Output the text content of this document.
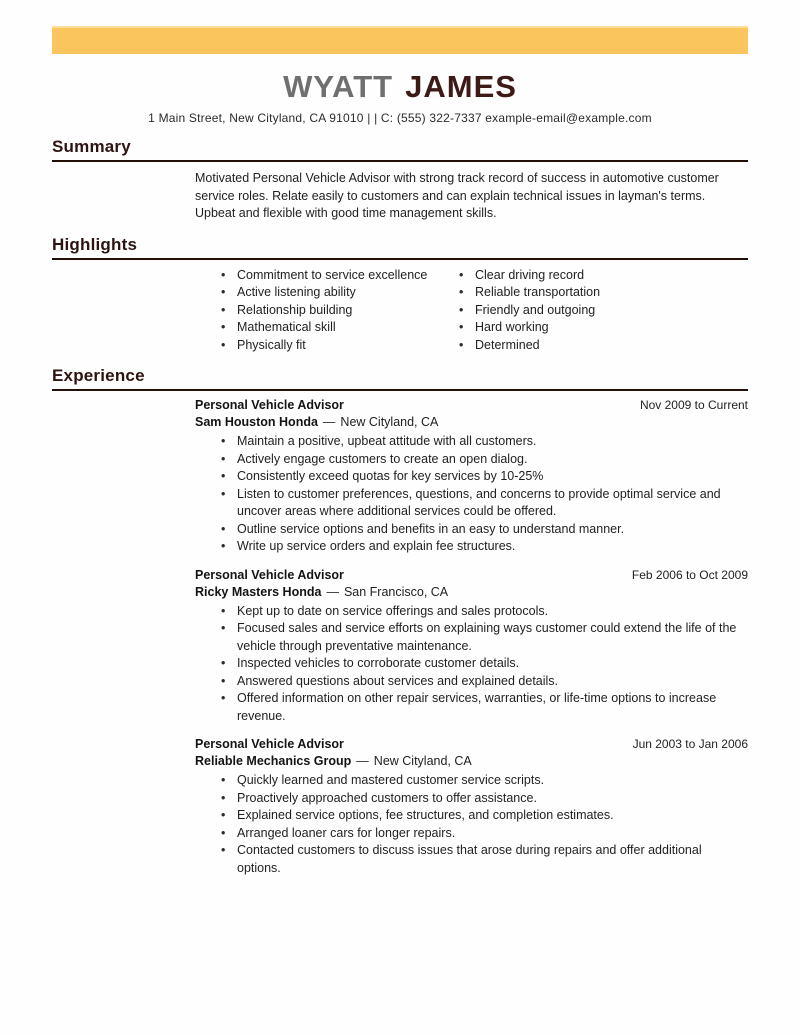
WYATT JAMES
1 Main Street, New Cityland, CA 91010 | | C: (555) 322-7337 example-email@example.com
Summary

Motivated Personal Vehicle Advisor with strong track record of success in automotive customer service roles. Relate easily to customers and can explain technical issues in layman's terms. Upbeat and flexible with good time management skills.

Highlights
• Commitment to service excellence
• Active listening ability
• Relationship building
• Mathematical skill
• Physically fit
• Clear driving record
• Reliable transportation
• Friendly and outgoing
• Hard working
• Determined
Experience
Personal Vehicle Advisor	Nov 2009 to Current
Sam Houston Honda — New Cityland, CA
• Maintain a positive, upbeat attitude with all customers.
• Actively engage customers to create an open dialog.
• Consistently exceed quotas for key services by 10-25%
• Listen to customer preferences, questions, and concerns to provide optimal service and uncover areas where additional services could be offered.
• Outline service options and benefits in an easy to understand manner.
• Write up service orders and explain fee structures.
Personal Vehicle Advisor	Feb 2006 to Oct 2009
Ricky Masters Honda — San Francisco, CA
• Kept up to date on service offerings and sales protocols.
• Focused sales and service efforts on explaining ways customer could extend the life of the vehicle through preventative maintenance.
• Inspected vehicles to corroborate customer details.
• Answered questions about services and explained details.
• Offered information on other repair services, warranties, or life-time options to increase revenue.
Personal Vehicle Advisor	Jun 2003 to Jan 2006
Reliable Mechanics Group — New Cityland, CA
• Quickly learned and mastered customer service scripts.
• Proactively approached customers to offer assistance.
• Explained service options, fee structures, and completion estimates.
• Arranged loaner cars for longer repairs.
• Contacted customers to discuss issues that arose during repairs and offer additional options.
